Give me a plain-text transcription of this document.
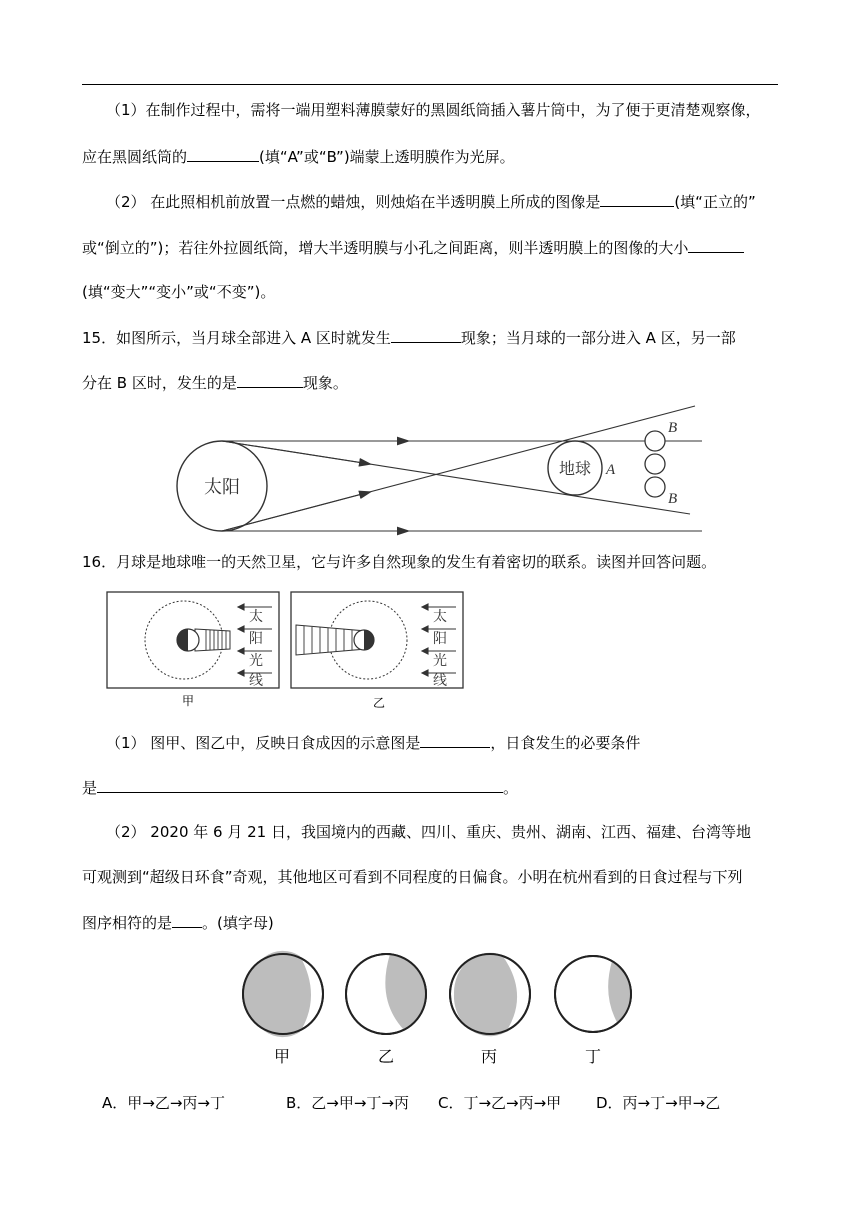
（1）在制作过程中，需将一端用塑料薄膜蒙好的黑圆纸筒插入薯片筒中，为了便于更清楚观察像，
应在黑圆纸筒的	(填“A”或“B”)端蒙上透明膜作为光屏。
（2） 在此照相机前放置一点燃的蜡烛，则烛焰在半透明膜上所成的图像是	(填“正立的”
或“倒立的”)；若往外拉圆纸筒，增大半透明膜与小孔之间距离，则半透明膜上的图像的大小
(填“变大”“变小”或“不变”)。
15．如图所示，当月球全部进入 A 区时就发生	现象；当月球的一部分进入 A 区，另一部
分在 B 区时，发生的是	现象。
太阳
地球 A
B
B
16．月球是地球唯一的天然卫星，它与许多自然现象的发生有着密切的联系。读图并回答问题。
太
阳
光
线
甲
太
阳
光
线
乙
（1） 图甲、图乙中，反映日食成因的示意图是	，日食发生的必要条件
是	。
（2） 2020 年 6 月 21 日，我国境内的西藏、四川、重庆、贵州、湖南、江西、福建、台湾等地
可观测到“超级日环食”奇观，其他地区可看到不同程度的日偏食。小明在杭州看到的日食过程与下列
图序相符的是 。(填字母)
甲	乙	丙	丁
A．甲→乙→丙→丁	B．乙→甲→丁→丙 C．丁→乙→丙→甲 D．丙→丁→甲→乙
